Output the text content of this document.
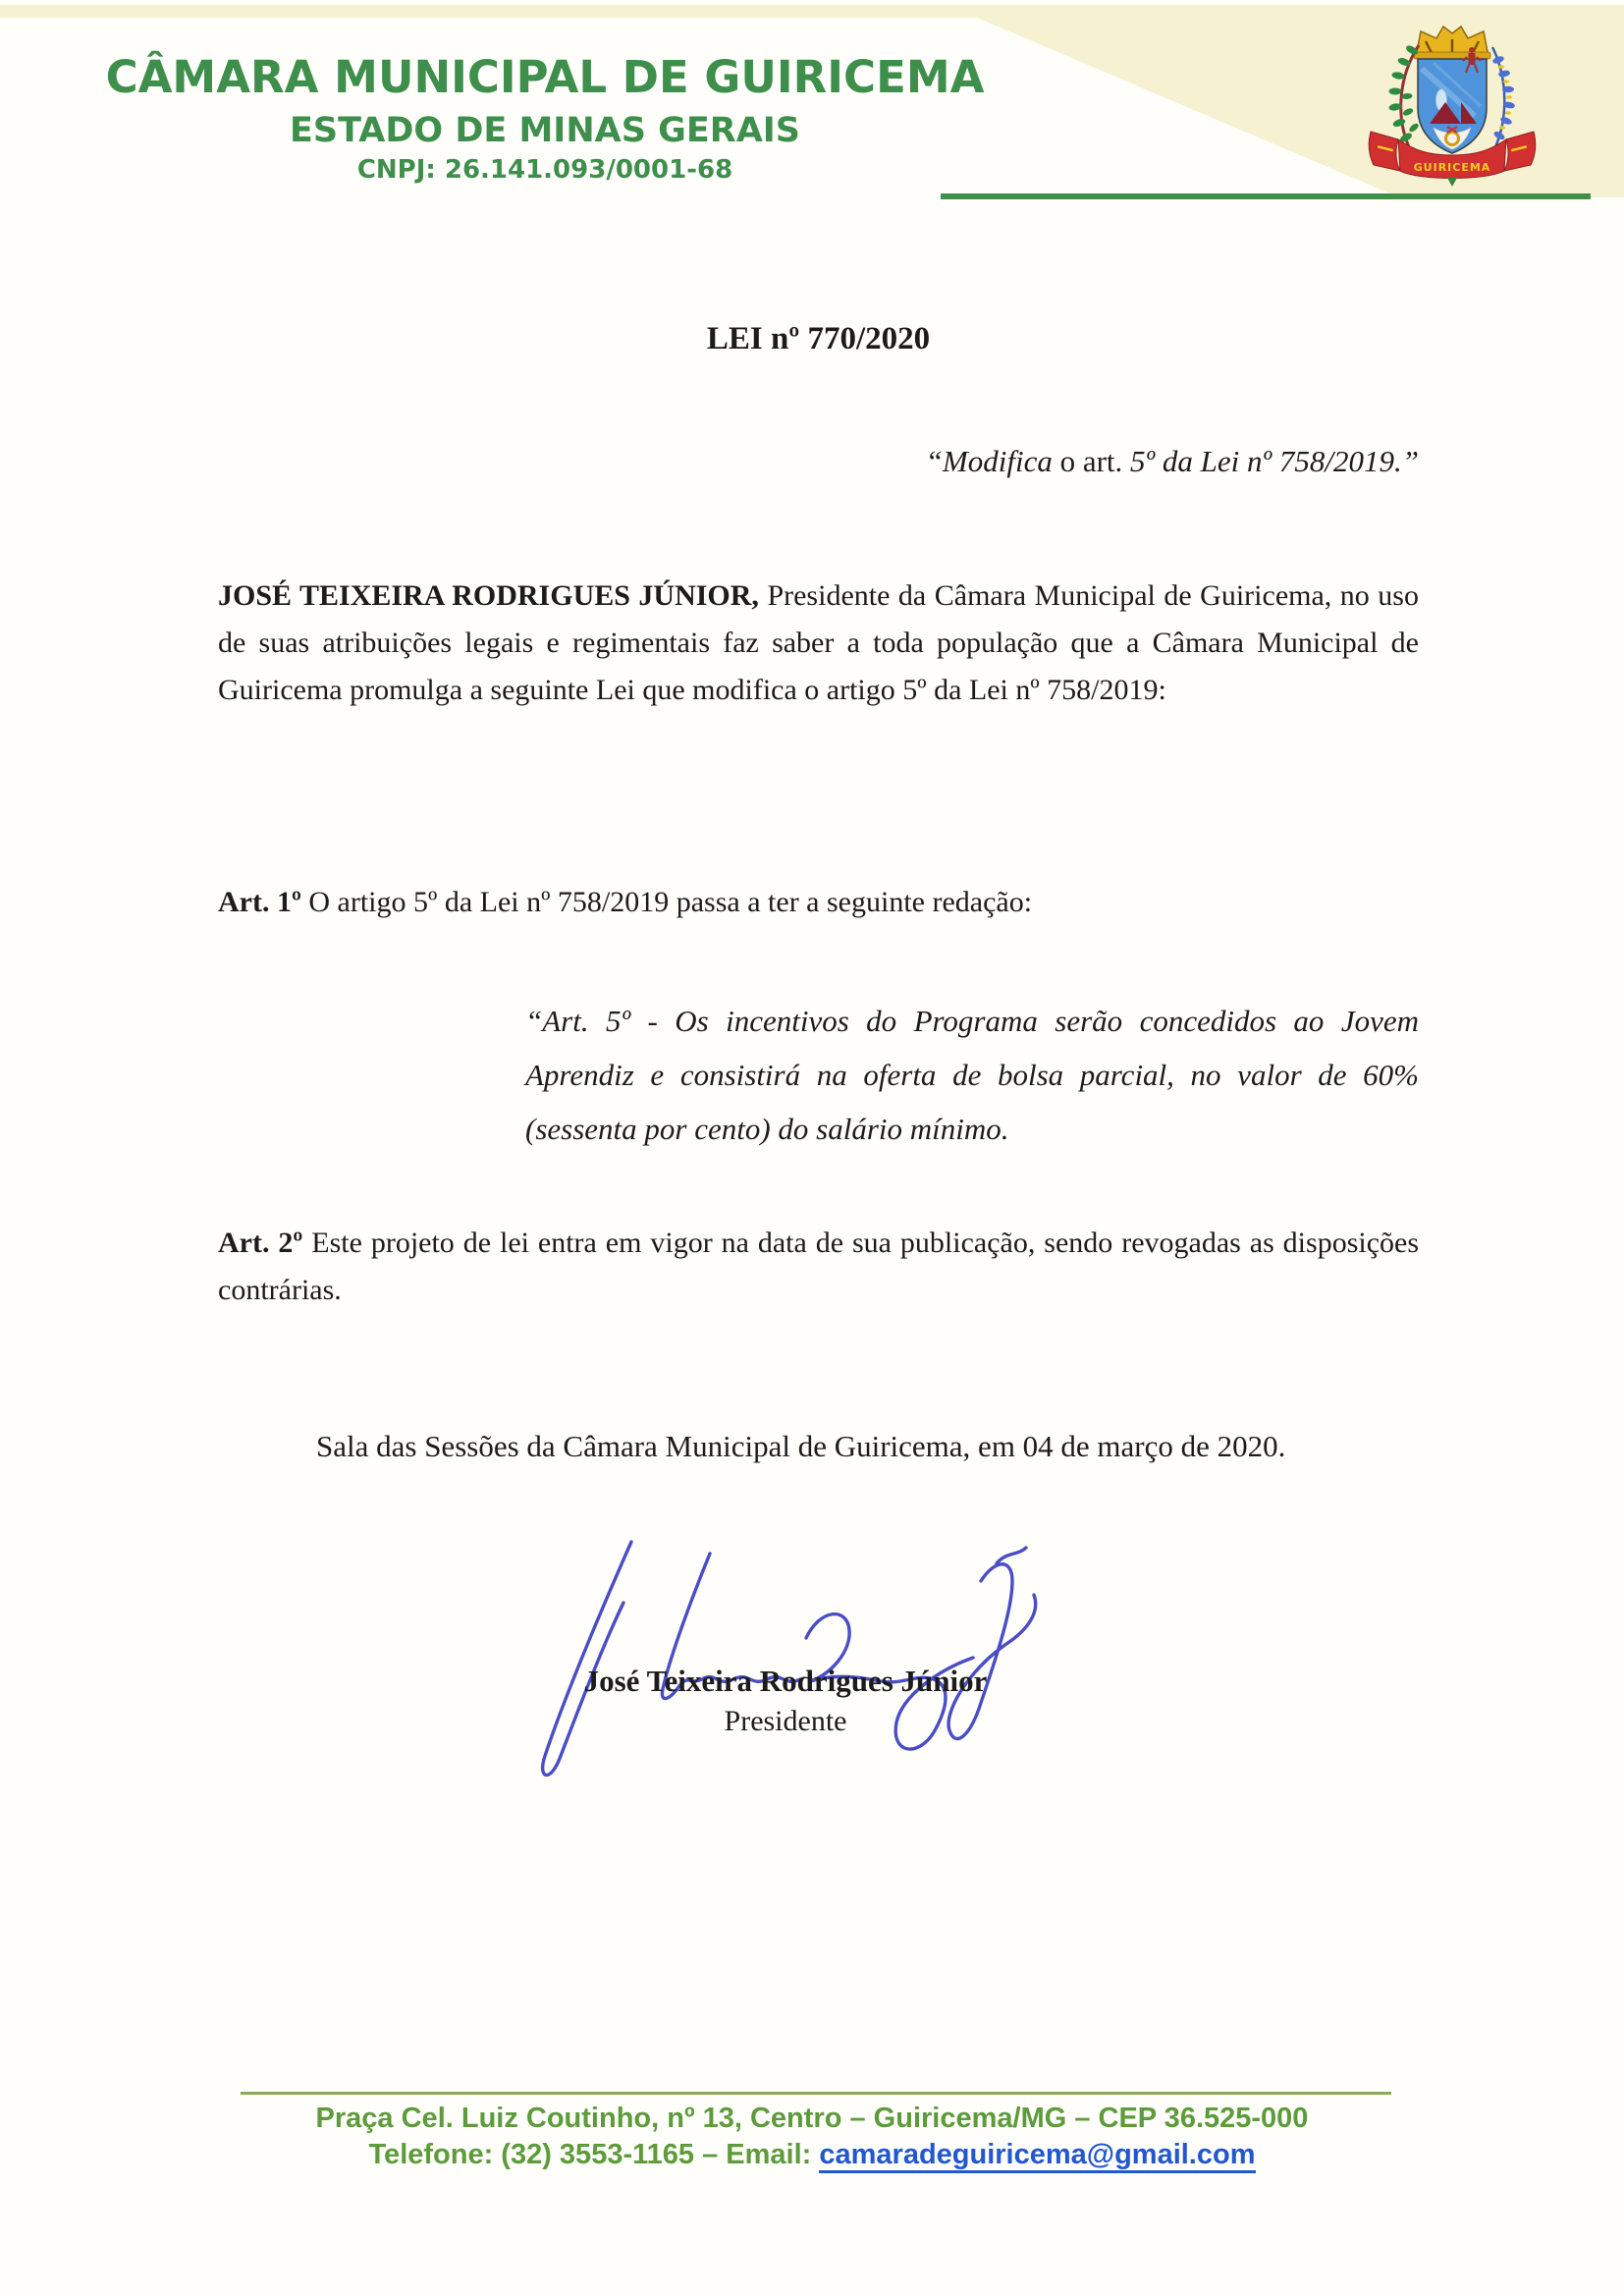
CÂMARA MUNICIPAL DE GUIRICEMA
ESTADO DE MINAS GERAIS
CNPJ: 26.141.093/0001-68	GUIRICEMA
LEI nº 770/2020
“Modifica o art. 5º da Lei nº 758/2019.”
JOSÉ TEIXEIRA RODRIGUES JÚNIOR, Presidente da Câmara Municipal de Guiricema, no uso de suas atribuições legais e regimentais faz saber a toda população que a Câmara Municipal de Guiricema promulga a seguinte Lei que modifica o artigo 5º da Lei nº 758/2019:
Art. 1º O artigo 5º da Lei nº 758/2019 passa a ter a seguinte redação:
“Art. 5º - Os incentivos do Programa serão concedidos ao Jovem Aprendiz e consistirá na oferta de bolsa parcial, no valor de 60% (sessenta por cento) do salário mínimo.
Art. 2º Este projeto de lei entra em vigor na data de sua publicação, sendo revogadas as disposições contrárias.
Sala das Sessões da Câmara Municipal de Guiricema, em 04 de março de 2020.
José Teixeira Rodrigues Júnior
Presidente
Praça Cel. Luiz Coutinho, nº 13, Centro – Guiricema/MG – CEP 36.525-000
Telefone: (32) 3553-1165 – Email: camaradeguiricema@gmail.com
